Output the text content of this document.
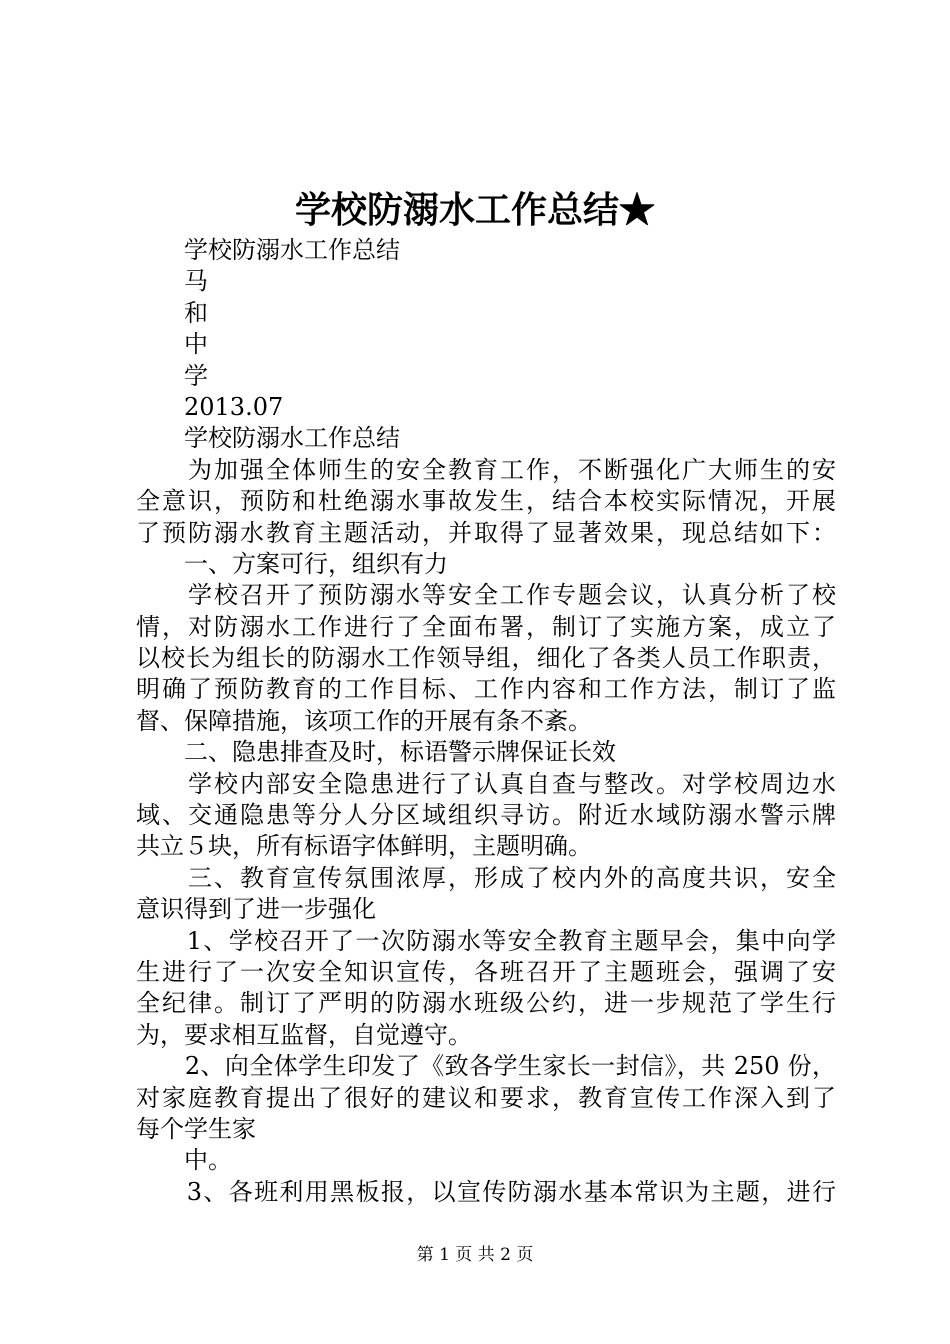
学校防溺水工作总结★
　　学校防溺水工作总结
　　马
　　和
　　中
　　学
　　2013.07
　　学校防溺水工作总结
　　为加强全体师生的安全教育工作，不断强化广大师生的安
全意识，预防和杜绝溺水事故发生，结合本校实际情况，开展
了预防溺水教育主题活动，并取得了显著效果，现总结如下：
　　一、方案可行，组织有力
　　学校召开了预防溺水等安全工作专题会议，认真分析了校
情，对防溺水工作进行了全面布署，制订了实施方案，成立了
以校长为组长的防溺水工作领导组，细化了各类人员工作职责，
明确了预防教育的工作目标、工作内容和工作方法，制订了监
督、保障措施，该项工作的开展有条不紊。
　　二、隐患排查及时，标语警示牌保证长效
　　学校内部安全隐患进行了认真自查与整改。对学校周边水
域、交通隐患等分人分区域组织寻访。附近水域防溺水警示牌
共立５块，所有标语字体鲜明，主题明确。
　　三、教育宣传氛围浓厚，形成了校内外的高度共识，安全
意识得到了进一步强化
　　1、学校召开了一次防溺水等安全教育主题早会，集中向学
生进行了一次安全知识宣传，各班召开了主题班会，强调了安
全纪律。制订了严明的防溺水班级公约，进一步规范了学生行
为，要求相互监督，自觉遵守。
　　2、向全体学生印发了《致各学生家长一封信》，共 250 份，
对家庭教育提出了很好的建议和要求，教育宣传工作深入到了
每个学生家
　　中。
　　3、各班利用黑板报，以宣传防溺水基本常识为主题，进行
第 1 页 共 2 页
